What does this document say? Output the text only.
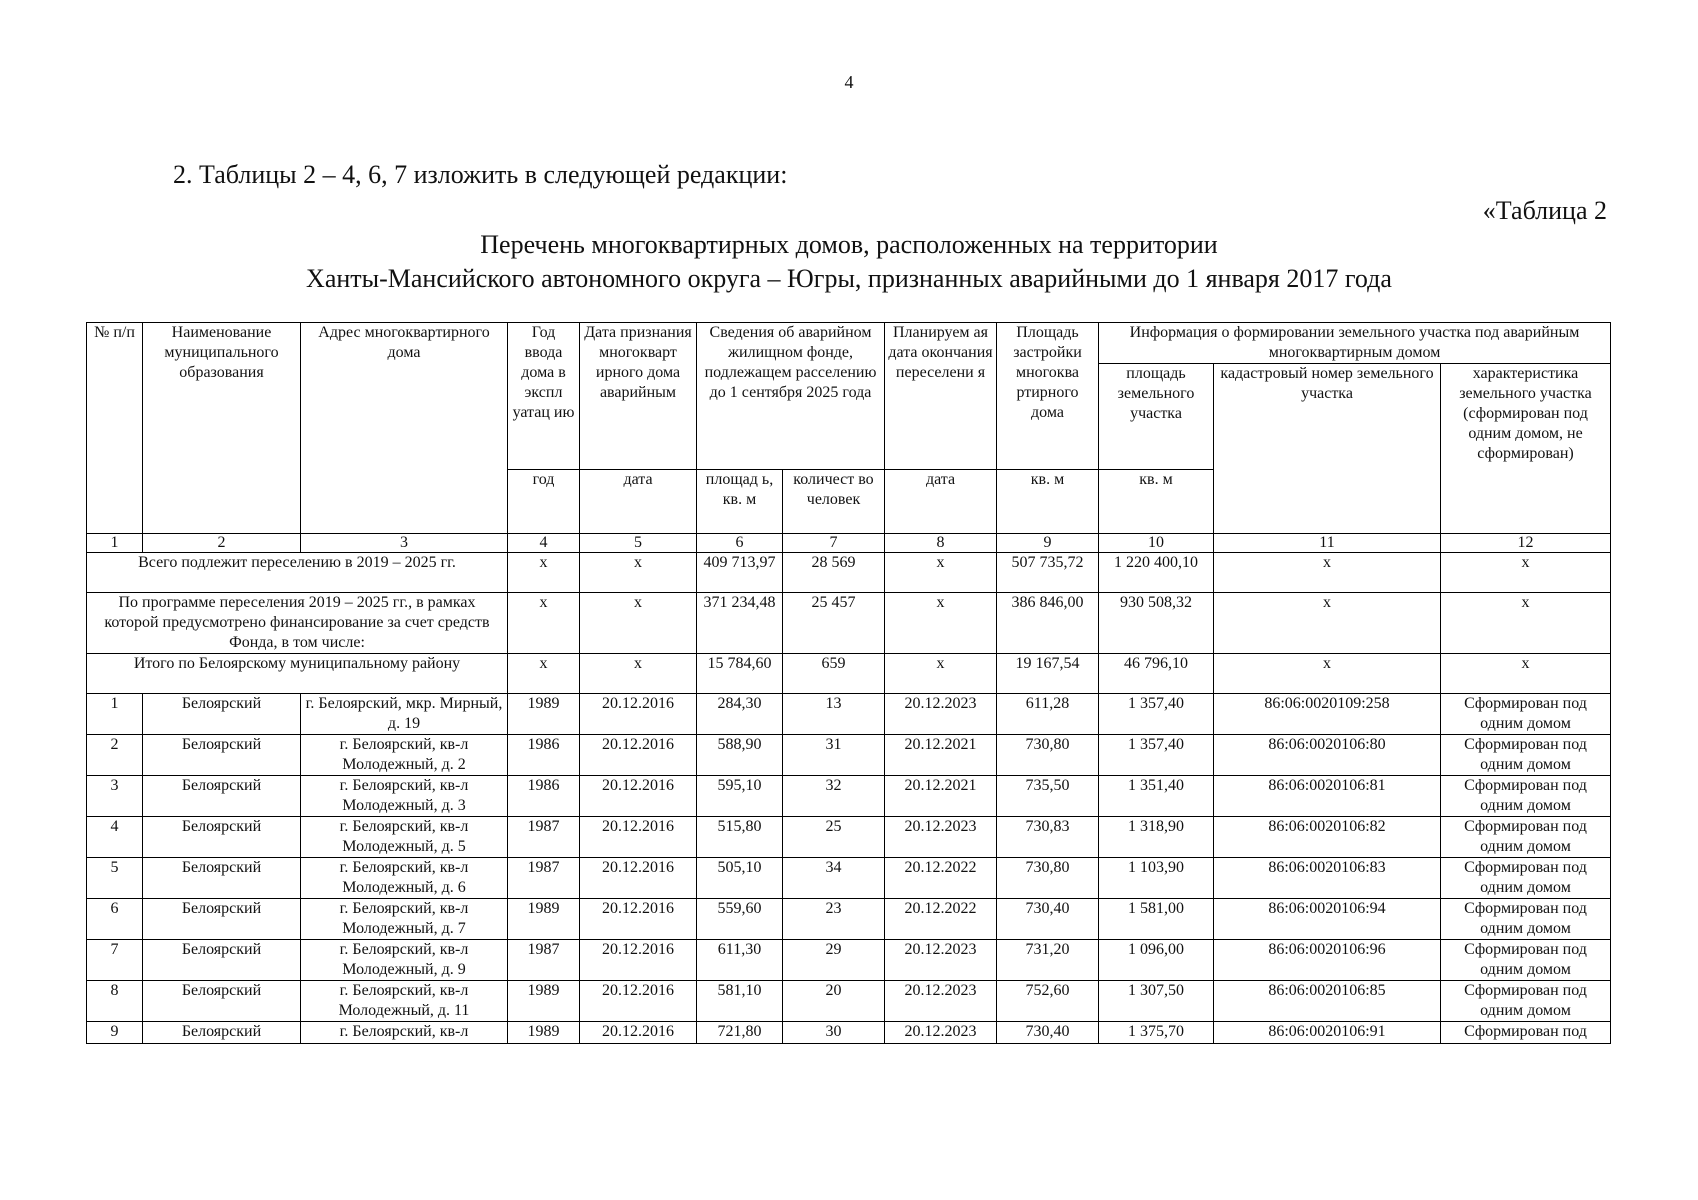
4
2. Таблицы 2 – 4, 6, 7 изложить в следующей редакции:
«Таблица 2
Перечень многоквартирных домов, расположенных на территории
Ханты-Мансийского автономного округа – Югры, признанных аварийными до 1 января 2017 года
№ п/п	Наименование муниципального образования	Адрес многоквартирного дома	Год ввода дома в экспл уатац ию	Дата признания многокварт ирного дома аварийным	Сведения об аварийном жилищном фонде, подлежащем расселению до 1 сентября 2025 года		Планируем ая дата окончания переселени я	Площадь застройки многоква ртирного дома	Информация о формировании земельного участка под аварийным многоквартирным домом		
									площадь земельного участка	кадастровый номер земельного участка	характеристика земельного участка (сформирован под одним домом, не сформирован)
			год	дата	площад ь, кв. м	количест во человек	дата	кв. м	кв. м		
1	2	3	4	5	6	7	8	9	10	11	12
Всего подлежит переселению в 2019 – 2025 гг.			х	х	409 713,97	28 569	х	507 735,72	1 220 400,10	х	х
По программе переселения 2019 – 2025 гг., в рамках которой предусмотрено финансирование за счет средств Фонда, в том числе:			х	х	371 234,48	25 457	х	386 846,00	930 508,32	х	х
Итого по Белоярскому муниципальному району			х	х	15 784,60	659	х	19 167,54	46 796,10	х	х
1	Белоярский	г. Белоярский, мкр. Мирный, д. 19	1989	20.12.2016	284,30	13	20.12.2023	611,28	1 357,40	86:06:0020109:258	Сформирован под одним домом
2	Белоярский	г. Белоярский, кв-л Молодежный, д. 2	1986	20.12.2016	588,90	31	20.12.2021	730,80	1 357,40	86:06:0020106:80	Сформирован под одним домом
3	Белоярский	г. Белоярский, кв-л Молодежный, д. 3	1986	20.12.2016	595,10	32	20.12.2021	735,50	1 351,40	86:06:0020106:81	Сформирован под одним домом
4	Белоярский	г. Белоярский, кв-л Молодежный, д. 5	1987	20.12.2016	515,80	25	20.12.2023	730,83	1 318,90	86:06:0020106:82	Сформирован под одним домом
5	Белоярский	г. Белоярский, кв-л Молодежный, д. 6	1987	20.12.2016	505,10	34	20.12.2022	730,80	1 103,90	86:06:0020106:83	Сформирован под одним домом
6	Белоярский	г. Белоярский, кв-л Молодежный, д. 7	1989	20.12.2016	559,60	23	20.12.2022	730,40	1 581,00	86:06:0020106:94	Сформирован под одним домом
7	Белоярский	г. Белоярский, кв-л Молодежный, д. 9	1987	20.12.2016	611,30	29	20.12.2023	731,20	1 096,00	86:06:0020106:96	Сформирован под одним домом
8	Белоярский	г. Белоярский, кв-л Молодежный, д. 11	1989	20.12.2016	581,10	20	20.12.2023	752,60	1 307,50	86:06:0020106:85	Сформирован под одним домом
9	Белоярский	г. Белоярский, кв-л	1989	20.12.2016	721,80	30	20.12.2023	730,40	1 375,70	86:06:0020106:91	Сформирован под
